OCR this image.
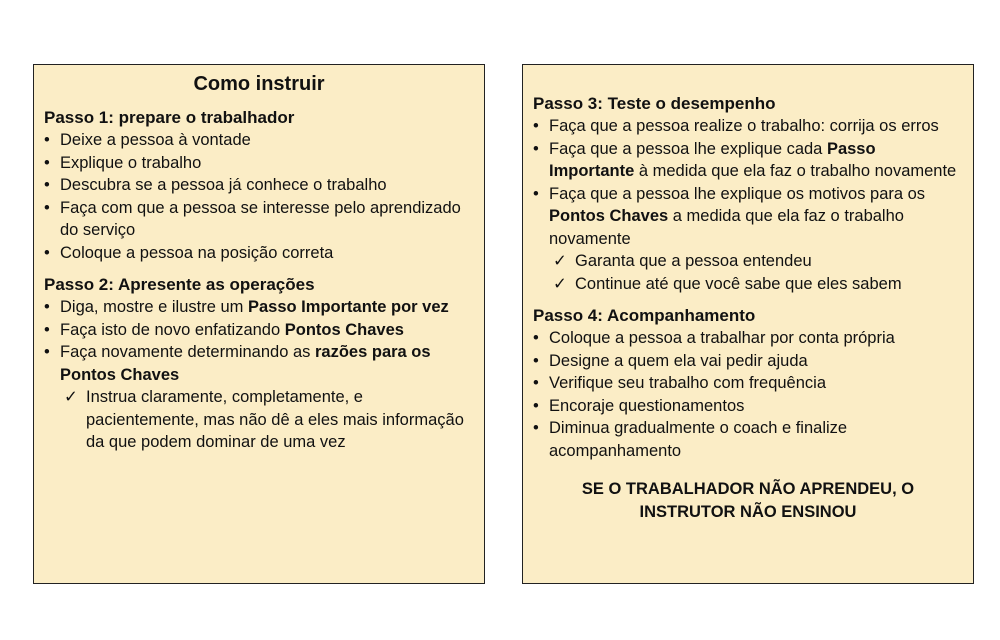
Como instruir
Passo 1: prepare o trabalhador
• Deixe a pessoa à vontade
• Explique o trabalho
• Descubra se a pessoa já conhece o trabalho
• Faça com que a pessoa se interesse pelo aprendizado do serviço
• Coloque a pessoa na posição correta
Passo 2: Apresente as operações
• Diga, mostre e ilustre um Passo Importante por vez
• Faça isto de novo enfatizando Pontos Chaves
• Faça novamente determinando as razões para os Pontos Chaves
✓ Instrua claramente, completamente, e pacientemente, mas não dê a eles mais informação da que podem dominar de uma vez
Passo 3: Teste o desempenho
• Faça que a pessoa realize o trabalho: corrija os erros
• Faça que a pessoa lhe explique cada Passo Importante à medida que ela faz o trabalho novamente
• Faça que a pessoa lhe explique os motivos para os Pontos Chaves a medida que ela faz o trabalho novamente
✓ Garanta que a pessoa entendeu
✓ Continue até que você sabe que eles sabem
Passo 4: Acompanhamento
• Coloque a pessoa a trabalhar por conta própria
• Designe a quem ela vai pedir ajuda
• Verifique seu trabalho com frequência
• Encoraje questionamentos
• Diminua gradualmente o coach e finalize acompanhamento
SE O TRABALHADOR NÃO APRENDEU, O INSTRUTOR NÃO ENSINOU
